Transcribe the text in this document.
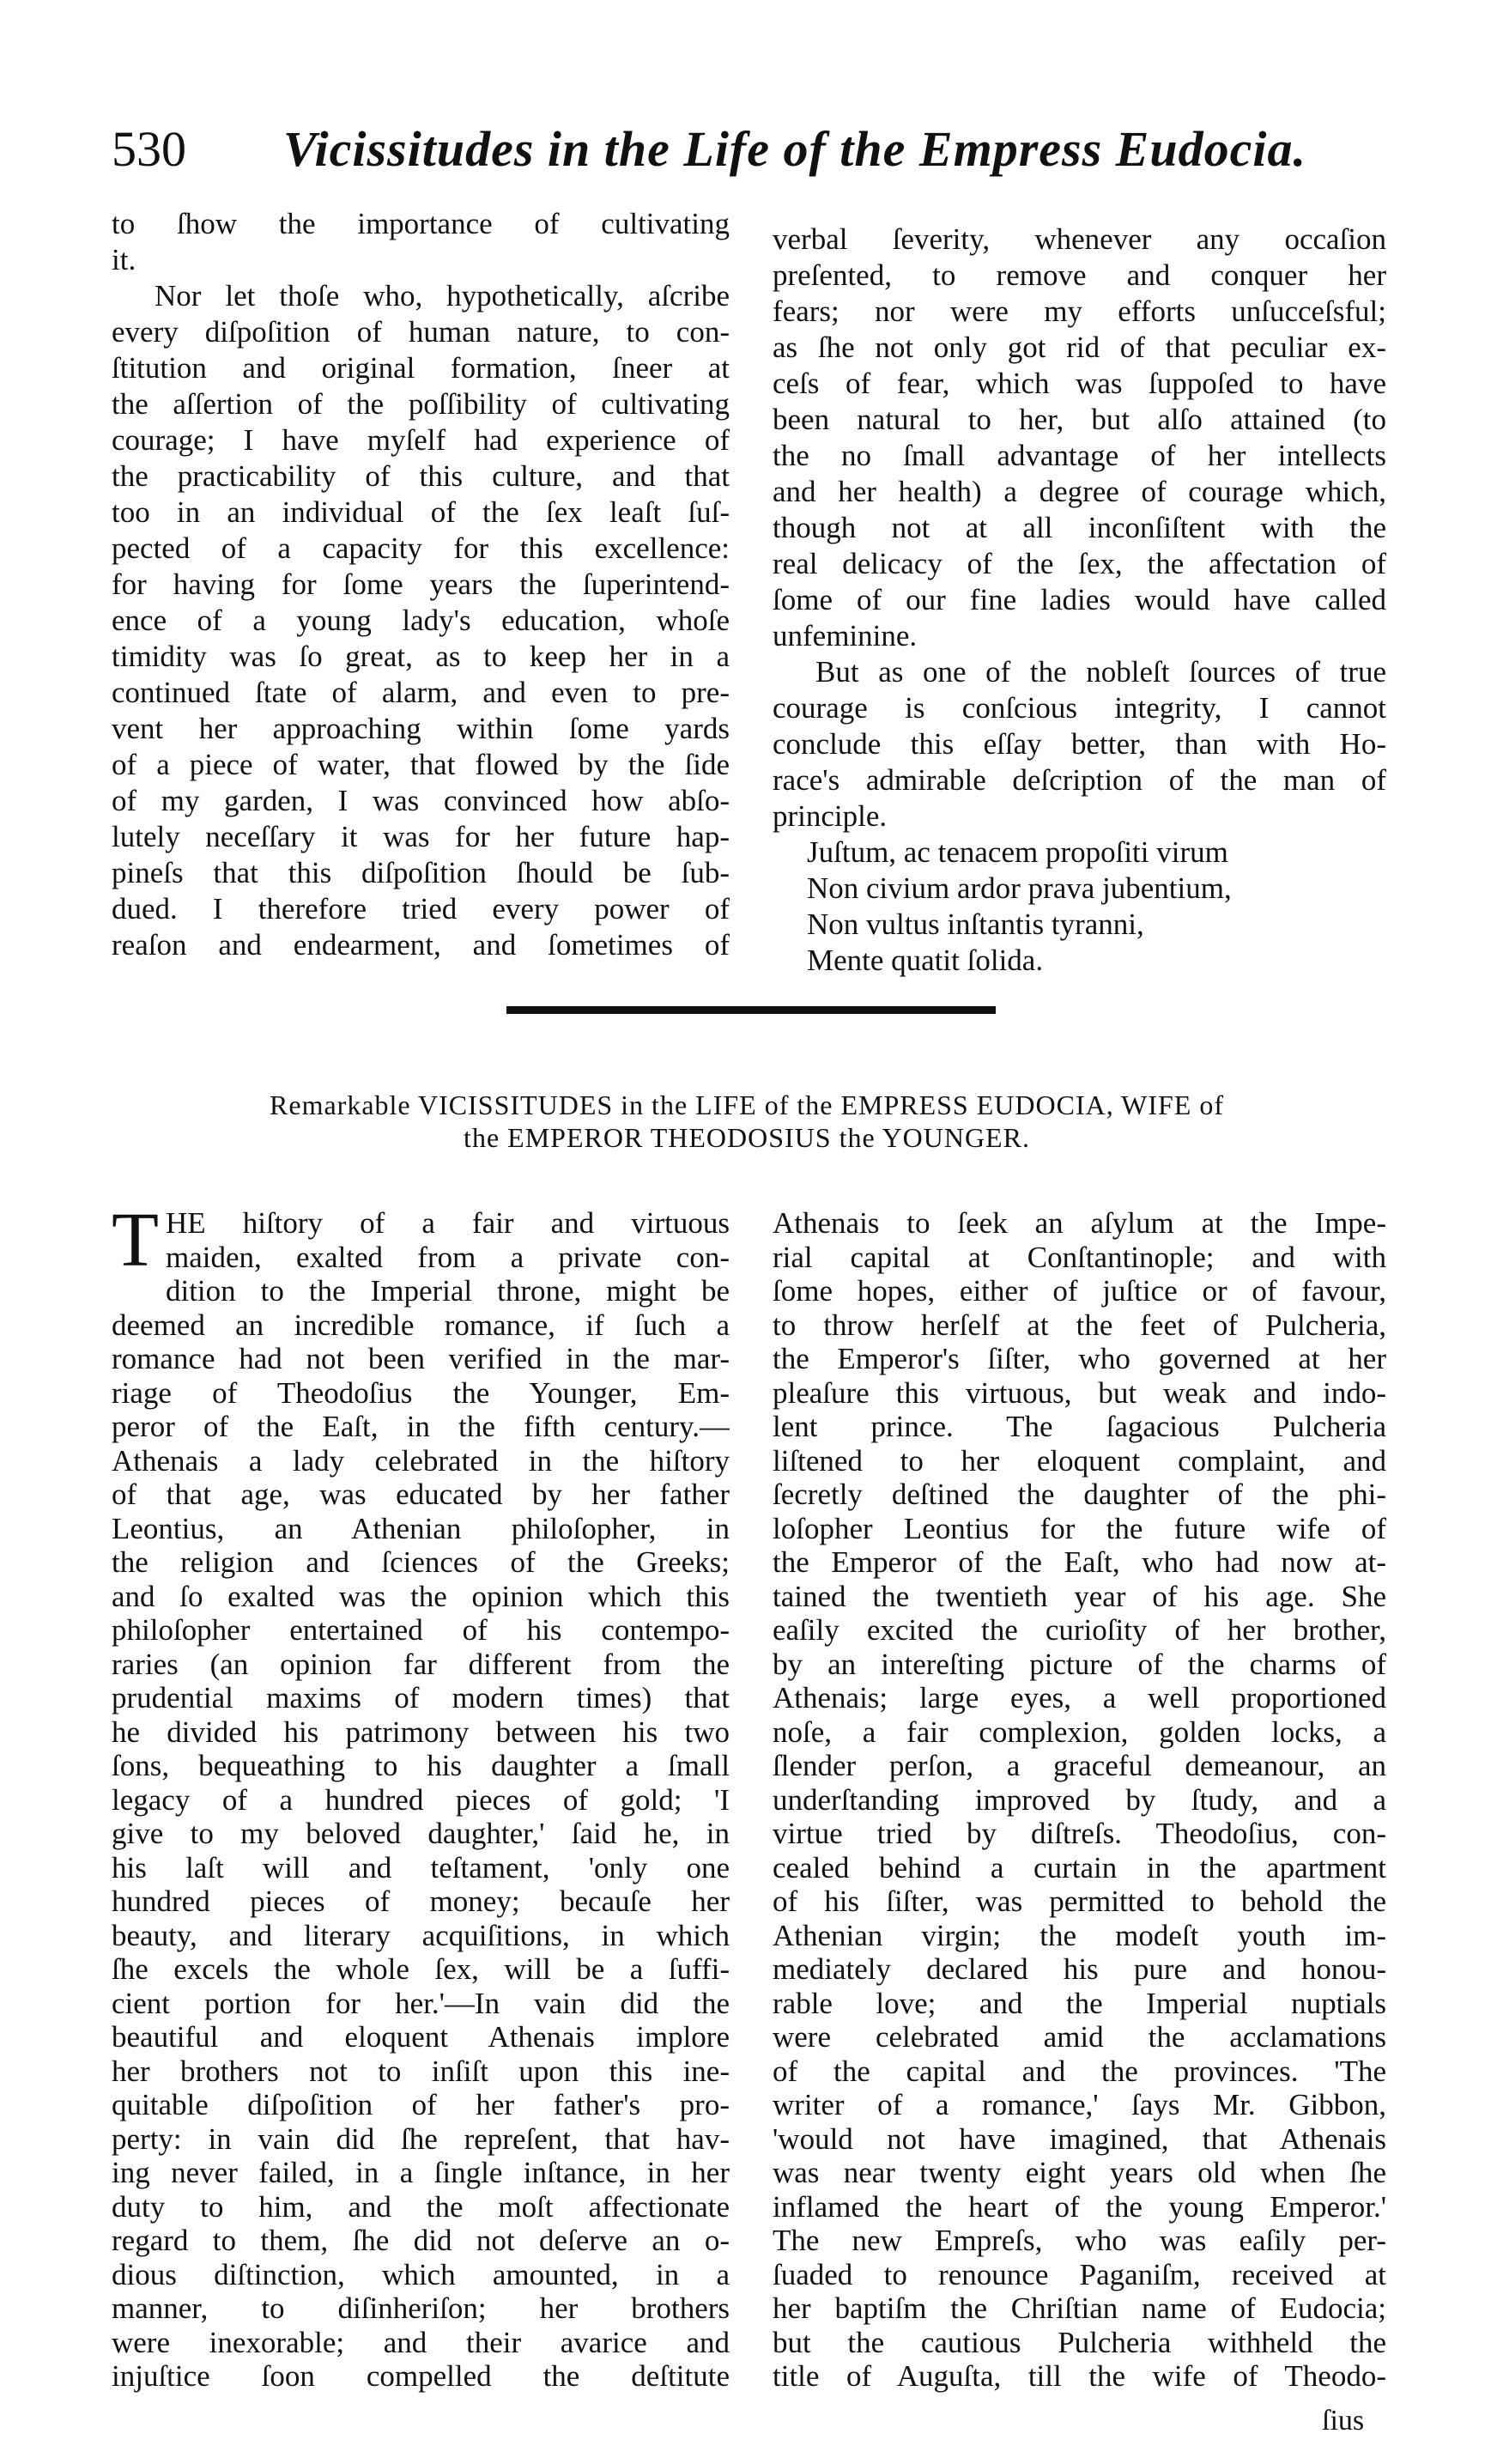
530 Vicissitudes in the Life of the Empress Eudocia.
to ſhow the importance of cultivating
it.
Nor let thoſe who, hypothetically, aſcribe
every diſpoſition of human nature, to con-
ſtitution and original formation, ſneer at
the aſſertion of the poſſibility of cultivating
courage; I have myſelf had experience of
the practicability of this culture, and that
too in an individual of the ſex leaſt ſuſ-
pected of a capacity for this excellence:
for having for ſome years the ſuperintend-
ence of a young lady's education, whoſe
timidity was ſo great, as to keep her in a
continued ſtate of alarm, and even to pre-
vent her approaching within ſome yards
of a piece of water, that flowed by the ſide
of my garden, I was convinced how abſo-
lutely neceſſary it was for her future hap-
pineſs that this diſpoſition ſhould be ſub-
dued. I therefore tried every power of
reaſon and endearment, and ſometimes of
verbal ſeverity, whenever any occaſion
preſented, to remove and conquer her
fears; nor were my efforts unſucceſsful;
as ſhe not only got rid of that peculiar ex-
ceſs of fear, which was ſuppoſed to have
been natural to her, but alſo attained (to
the no ſmall advantage of her intellects
and her health) a degree of courage which,
though not at all inconſiſtent with the
real delicacy of the ſex, the affectation of
ſome of our fine ladies would have called
unfeminine.
But as one of the nobleſt ſources of true
courage is conſcious integrity, I cannot
conclude this eſſay better, than with Ho-
race's admirable deſcription of the man of
principle.
Juſtum, ac tenacem propoſiti virum
Non civium ardor prava jubentium,
Non vultus inſtantis tyranni,
Mente quatit ſolida.
Remarkable VICISSITUDES in the LIFE of the EMPRESS EUDOCIA, WIFE of
the EMPEROR THEODOSIUS the YOUNGER.
T HE hiſtory of a fair and virtuous
maiden, exalted from a private con-
dition to the Imperial throne, might be
deemed an incredible romance, if ſuch a
romance had not been verified in the mar-
riage of Theodoſius the Younger, Em-
peror of the Eaſt, in the fifth century.—
Athenais a lady celebrated in the hiſtory
of that age, was educated by her father
Leontius, an Athenian philoſopher, in
the religion and ſciences of the Greeks;
and ſo exalted was the opinion which this
philoſopher entertained of his contempo-
raries (an opinion far different from the
prudential maxims of modern times) that
he divided his patrimony between his two
ſons, bequeathing to his daughter a ſmall
legacy of a hundred pieces of gold; 'I
give to my beloved daughter,' ſaid he, in
his laſt will and teſtament, 'only one
hundred pieces of money; becauſe her
beauty, and literary acquiſitions, in which
ſhe excels the whole ſex, will be a ſuffi-
cient portion for her.'—In vain did the
beautiful and eloquent Athenais implore
her brothers not to inſiſt upon this ine-
quitable diſpoſition of her father's pro-
perty: in vain did ſhe repreſent, that hav-
ing never failed, in a ſingle inſtance, in her
duty to him, and the moſt affectionate
regard to them, ſhe did not deſerve an o-
dious diſtinction, which amounted, in a
manner, to diſinheriſon; her brothers
were inexorable; and their avarice and
injuſtice ſoon compelled the deſtitute
Athenais to ſeek an aſylum at the Impe-
rial capital at Conſtantinople; and with
ſome hopes, either of juſtice or of favour,
to throw herſelf at the feet of Pulcheria,
the Emperor's ſiſter, who governed at her
pleaſure this virtuous, but weak and indo-
lent prince. The ſagacious Pulcheria
liſtened to her eloquent complaint, and
ſecretly deſtined the daughter of the phi-
loſopher Leontius for the future wife of
the Emperor of the Eaſt, who had now at-
tained the twentieth year of his age. She
eaſily excited the curioſity of her brother,
by an intereſting picture of the charms of
Athenais; large eyes, a well proportioned
noſe, a fair complexion, golden locks, a
ſlender perſon, a graceful demeanour, an
underſtanding improved by ſtudy, and a
virtue tried by diſtreſs. Theodoſius, con-
cealed behind a curtain in the apartment
of his ſiſter, was permitted to behold the
Athenian virgin; the modeſt youth im-
mediately declared his pure and honou-
rable love; and the Imperial nuptials
were celebrated amid the acclamations
of the capital and the provinces. 'The
writer of a romance,' ſays Mr. Gibbon,
'would not have imagined, that Athenais
was near twenty eight years old when ſhe
inflamed the heart of the young Emperor.'
The new Empreſs, who was eaſily per-
ſuaded to renounce Paganiſm, received at
her baptiſm the Chriſtian name of Eudocia;
but the cautious Pulcheria withheld the
title of Auguſta, till the wife of Theodo-
ſius
